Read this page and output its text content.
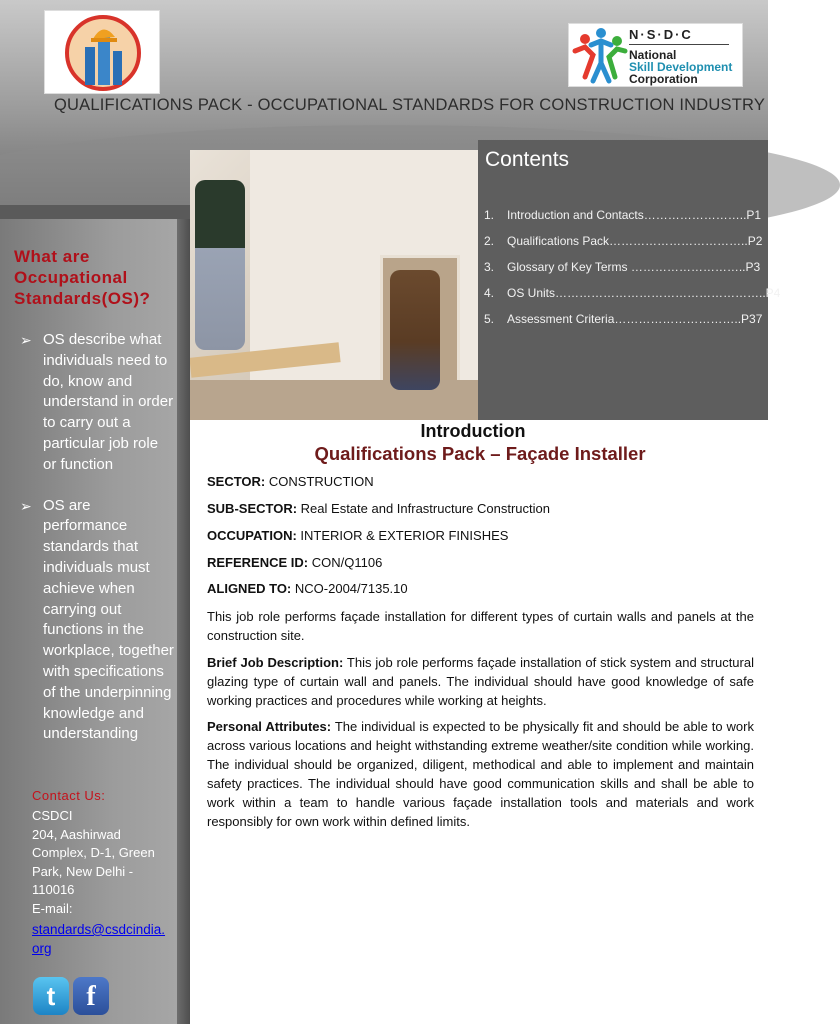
N·S·D·C
National
Skill Development
Corporation
QUALIFICATIONS PACK - OCCUPATIONAL STANDARDS FOR CONSTRUCTION INDUSTRY
Contents
1.	Introduction and Contacts……………………..P1
2.	Qualifications Pack……………………………..P2
3.	Glossary of Key Terms ………………………..P3
4.	OS Units……………………………………………..P4
5.	Assessment Criteria…………………………..P37
What are Occupational Standards(OS)?
➢ OS describe what individuals need to do, know and understand in order to carry out a particular job role or function
➢ OS are performance standards that individuals must achieve when carrying out functions in the workplace, together with specifications of the underpinning knowledge and understanding
Contact Us:
CSDCI
204, Aashirwad Complex, D-1, Green Park, New Delhi - 110016
E-mail:
standards@csdcindia.org
t	f
Introduction
Qualifications Pack – Façade Installer
SECTOR: CONSTRUCTION
SUB-SECTOR: Real Estate and Infrastructure Construction
OCCUPATION: INTERIOR & EXTERIOR FINISHES
REFERENCE ID: CON/Q1106
ALIGNED TO: NCO-2004/7135.10
This job role performs façade installation for different types of curtain walls and panels at the construction site.
Brief Job Description: This job role performs façade installation of stick system and structural glazing type of curtain wall and panels. The individual should have good knowledge of safe working practices and procedures while working at heights.
Personal Attributes: The individual is expected to be physically fit and should be able to work across various locations and height withstanding extreme weather/site condition while working. The individual should be organized, diligent, methodical and able to implement and maintain safety practices. The individual should have good communication skills and shall be able to work within a team to handle various façade installation tools and materials and work responsibly for own work within defined limits.
